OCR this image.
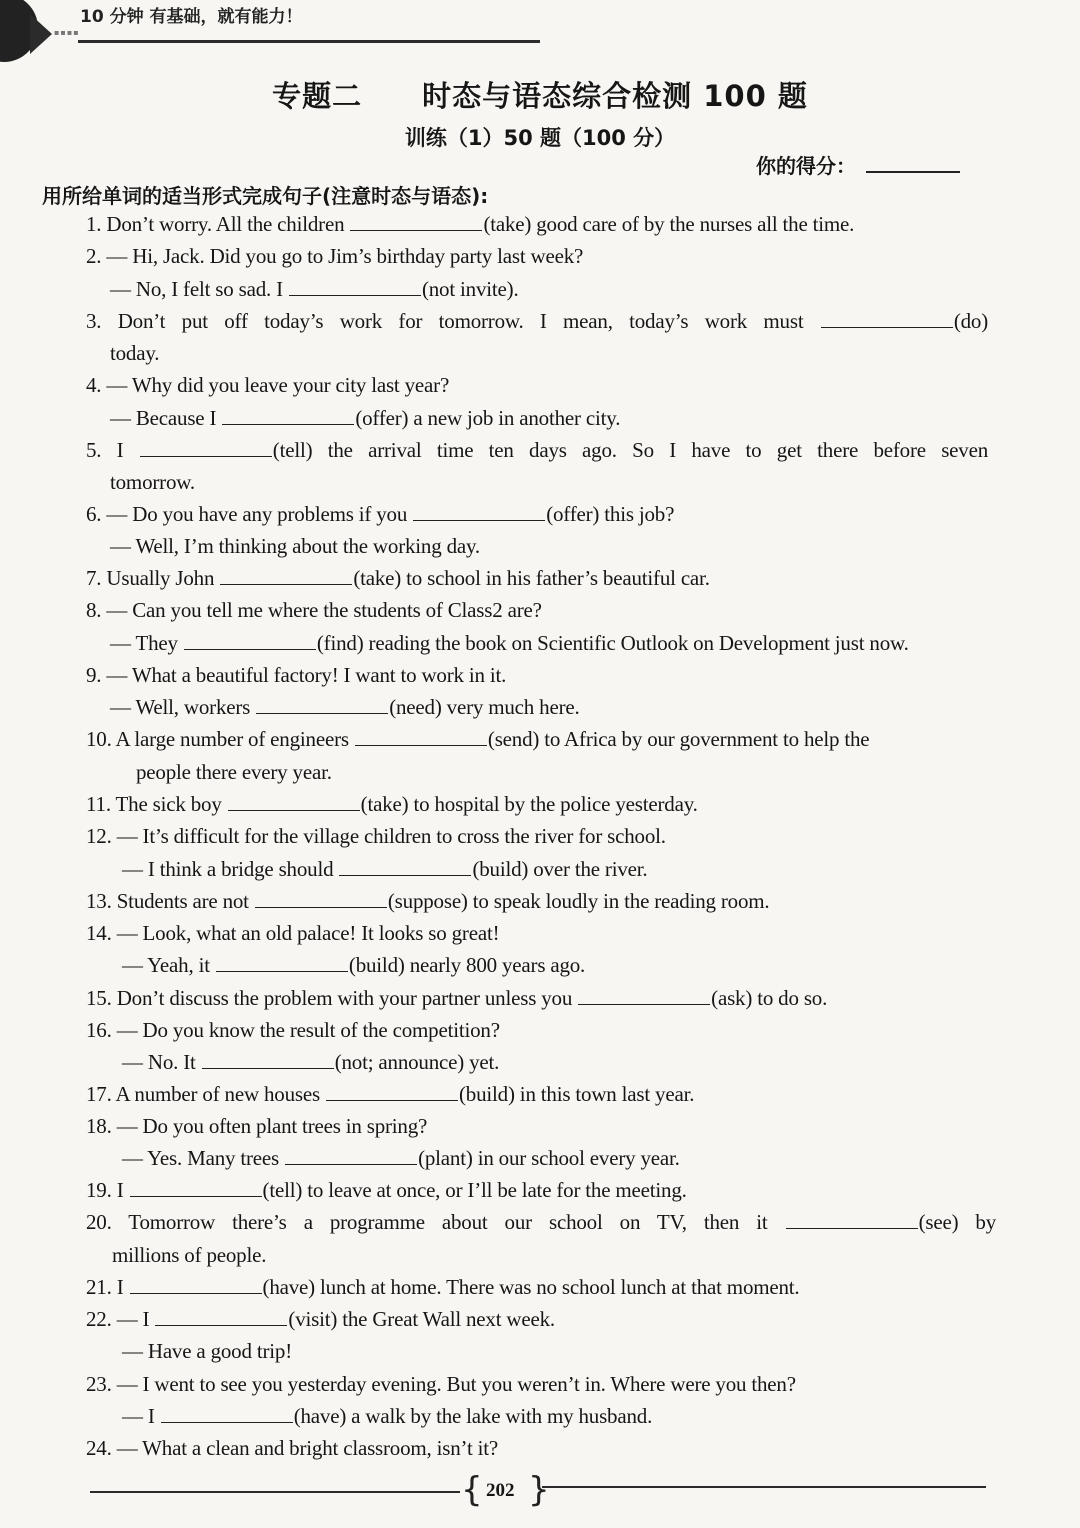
▪▪▪▪
10 分钟 有基础，就有能力！
专题二 时态与语态综合检测 100 题
训练（1）50 题（100 分）
你的得分：
用所给单词的适当形式完成句子(注意时态与语态):
1. Don’t worry. All the children	(take) good care of by the nurses all the time.
2. — Hi, Jack. Did you go to Jim’s birthday party last week?
— No, I felt so sad. I	(not invite).
3. Don’t put off today’s work for tomorrow. I mean, today’s work must	(do)
today.
4. — Why did you leave your city last year?
— Because I	(offer) a new job in another city.
5. I	(tell) the arrival time ten days ago. So I have to get there before seven
tomorrow.
6. — Do you have any problems if you	(offer) this job?
— Well, I’m thinking about the working day.
7. Usually John	(take) to school in his father’s beautiful car.
8. — Can you tell me where the students of Class2 are?
— They	(find) reading the book on Scientific Outlook on Development just now.
9. — What a beautiful factory! I want to work in it.
— Well, workers	(need) very much here.
10. A large number of engineers	(send) to Africa by our government to help the
people there every year.
11. The sick boy	(take) to hospital by the police yesterday.
12. — It’s difficult for the village children to cross the river for school.
— I think a bridge should	(build) over the river.
13. Students are not	(suppose) to speak loudly in the reading room.
14. — Look, what an old palace! It looks so great!
— Yeah, it	(build) nearly 800 years ago.
15. Don’t discuss the problem with your partner unless you	(ask) to do so.
16. — Do you know the result of the competition?
— No. It	(not; announce) yet.
17. A number of new houses	(build) in this town last year.
18. — Do you often plant trees in spring?
— Yes. Many trees	(plant) in our school every year.
19. I	(tell) to leave at once, or I’ll be late for the meeting.
20. Tomorrow there’s a programme about our school on TV, then it	(see) by
millions of people.
21. I	(have) lunch at home. There was no school lunch at that moment.
22. — I	(visit) the Great Wall next week.
— Have a good trip!
23. — I went to see you yesterday evening. But you weren’t in. Where were you then?
— I	(have) a walk by the lake with my husband.
24. — What a clean and bright classroom, isn’t it?
{ 202 }
